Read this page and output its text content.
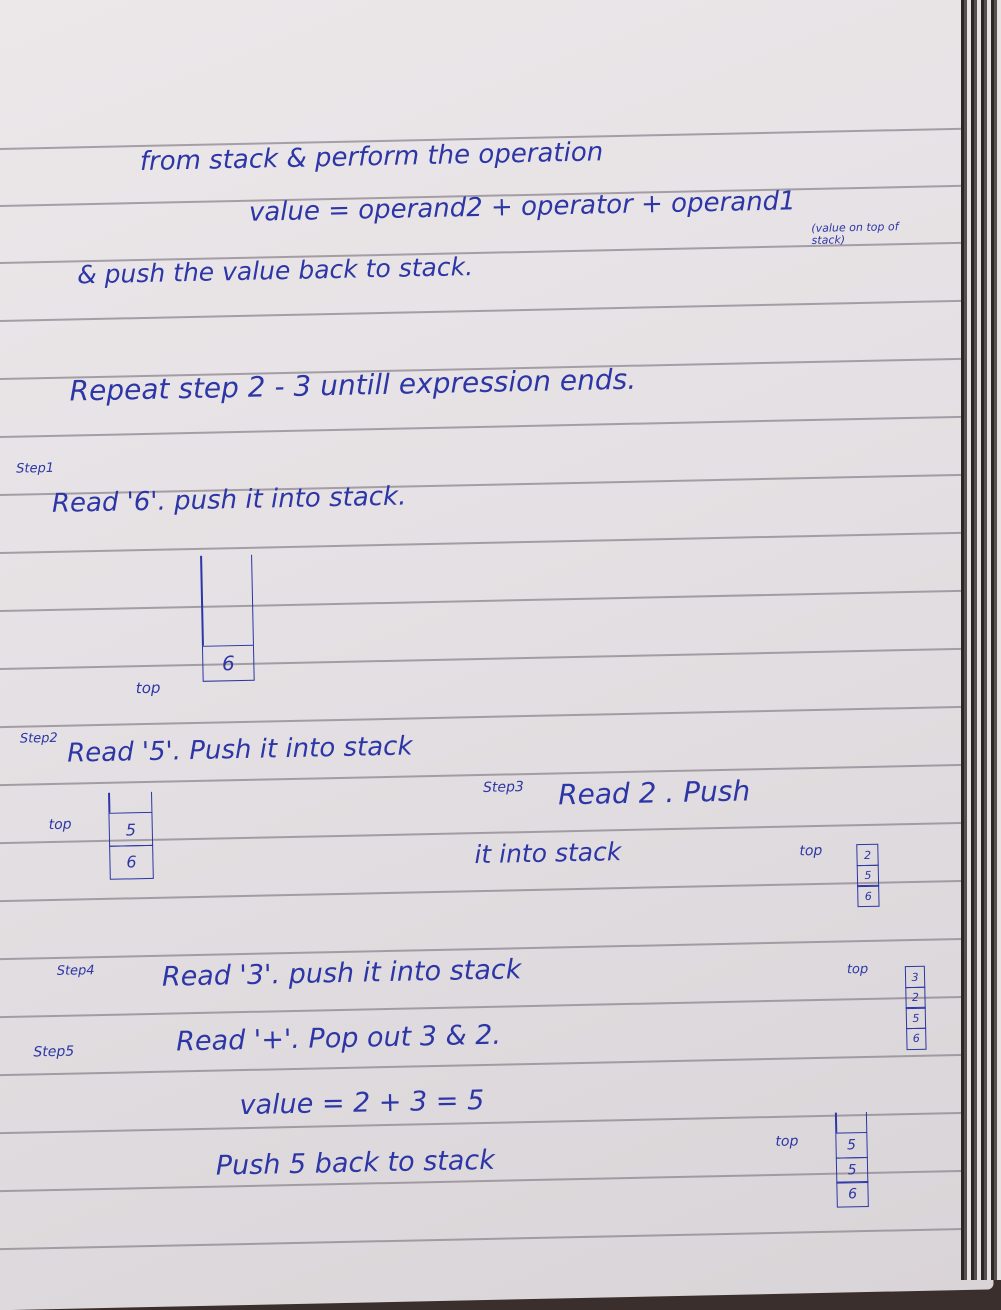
from stack & perform the operation
value = operand2 + operator + operand1 (value on top of stack)
& push the value back to stack.
Repeat step 2 - 3 untill expression ends.
Step1
Read '6'. push it into stack.
top
6
Step2 Read '5'. Push it into stack
top	5
6
Step3 Read 2 . Push
it into stack	top	2
5
6
Step4 Read '3'. push it into stack	top	3
2
5
6
Step5	Read '+'. Pop out 3 & 2.
value = 2 + 3 = 5
Push 5 back to stack
top	5
5
6
